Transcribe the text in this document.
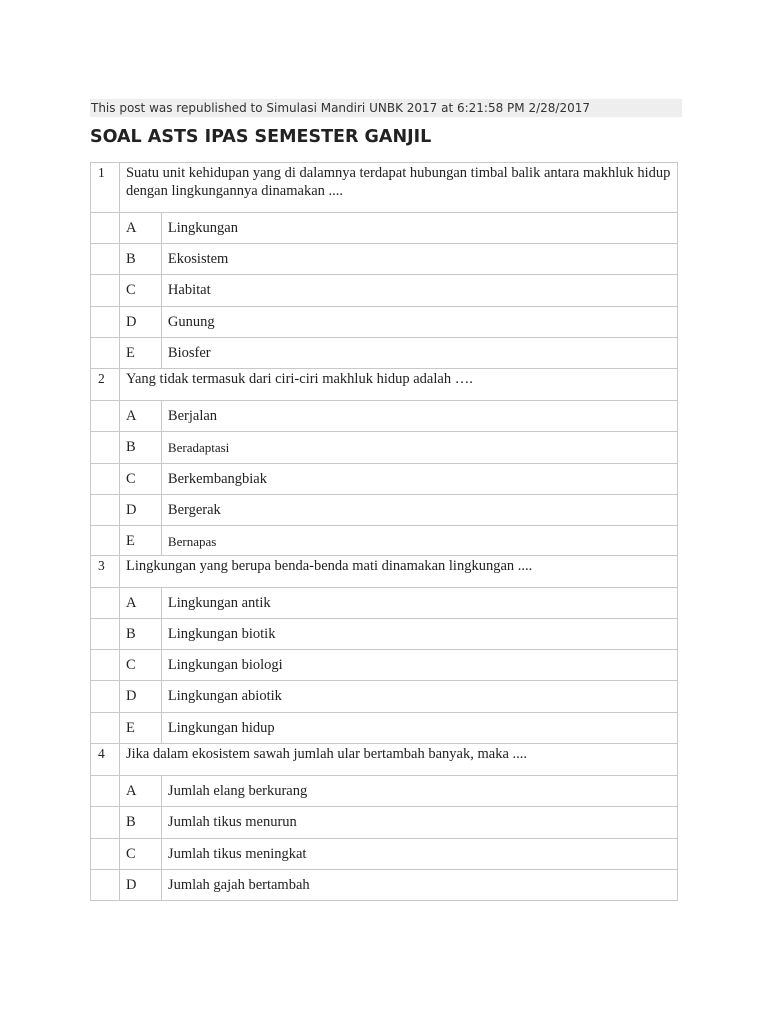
This post was republished to Simulasi Mandiri UNBK 2017 at 6:21:58 PM 2/28/2017
SOAL ASTS IPAS SEMESTER GANJIL
1	Suatu unit kehidupan yang di dalamnya terdapat hubungan timbal balik antara makhluk hidup dengan lingkungannya dinamakan ....	
	A	Lingkungan
	B	Ekosistem
	C	Habitat
	D	Gunung
	E	Biosfer
2	Yang tidak termasuk dari ciri-ciri makhluk hidup adalah ….	
	A	Berjalan
	B	Beradaptasi
	C	Berkembangbiak
	D	Bergerak
	E	Bernapas
3	Lingkungan yang berupa benda-benda mati dinamakan lingkungan ....	
	A	Lingkungan antik
	B	Lingkungan biotik
	C	Lingkungan biologi
	D	Lingkungan abiotik
	E	Lingkungan hidup
4	Jika dalam ekosistem sawah jumlah ular bertambah banyak, maka ....	
	A	Jumlah elang berkurang
	B	Jumlah tikus menurun
	C	Jumlah tikus meningkat
	D	Jumlah gajah bertambah
